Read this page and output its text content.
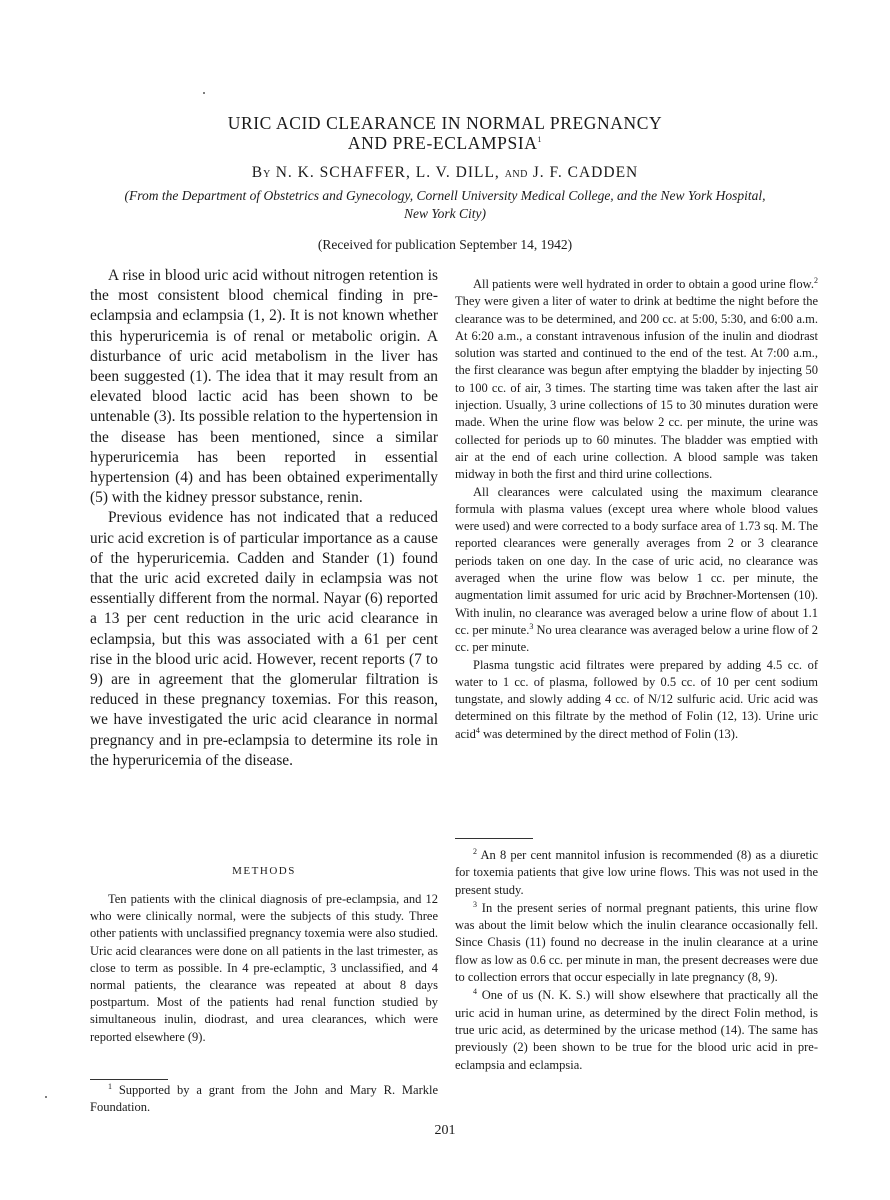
URIC ACID CLEARANCE IN NORMAL PREGNANCY
AND PRE-ECLAMPSIA$^1$
BY N. K. SCHAFFER, L. V. DILL, AND J. F. CADDEN
(From the Department of Obstetrics and Gynecology, Cornell University Medical College, and the New York Hospital, New York City)
(Received for publication September 14, 1942)

A rise in blood uric acid without nitrogen retention is the most consistent blood chemical finding in pre-eclampsia and eclampsia (1, 2). It is not known whether this hyperuricemia is of renal or metabolic origin. A disturbance of uric acid metabolism in the liver has been suggested (1). The idea that it may result from an elevated blood lactic acid has been shown to be untenable (3). Its possible relation to the hypertension in the disease has been mentioned, since a similar hyperuricemia has been reported in essential hypertension (4) and has been obtained experimentally (5) with the kidney pressor substance, renin.

Previous evidence has not indicated that a reduced uric acid excretion is of particular importance as a cause of the hyperuricemia. Cadden and Stander (1) found that the uric acid excreted daily in eclampsia was not essentially different from the normal. Nayar (6) reported a 13 per cent reduction in the uric acid clearance in eclampsia, but this was associated with a 61 per cent rise in the blood uric acid. However, recent reports (7 to 9) are in agreement that the glomerular filtration is reduced in these pregnancy toxemias. For this reason, we have investigated the uric acid clearance in normal pregnancy and in pre-eclampsia to determine its role in the hyperuricemia of the disease.

METHODS

Ten patients with the clinical diagnosis of pre-eclampsia, and 12 who were clinically normal, were the subjects of this study. Three other patients with unclassified pregnancy toxemia were also studied. Uric acid clearances were done on all patients in the last trimester, as close to term as possible. In 4 pre-eclamptic, 3 unclassified, and 4 normal patients, the clearance was repeated at about 8 days postpartum. Most of the patients had renal function studied by simultaneous inulin, diodrast, and urea clearances, which were reported elsewhere (9).

$^1$ Supported by a grant from the John and Mary R. Markle Foundation.

All patients were well hydrated in order to obtain a good urine flow.$^2$ They were given a liter of water to drink at bedtime the night before the clearance was to be determined, and 200 cc. at 5:00, 5:30, and 6:00 a.m. At 6:20 a.m., a constant intravenous infusion of the inulin and diodrast solution was started and continued to the end of the test. At 7:00 a.m., the first clearance was begun after emptying the bladder by injecting 50 to 100 cc. of air, 3 times. The starting time was taken after the last air injection. Usually, 3 urine collections of 15 to 30 minutes duration were made. When the urine flow was below 2 cc. per minute, the urine was collected for periods up to 60 minutes. The bladder was emptied with air at the end of each urine collection. A blood sample was taken midway in both the first and third urine collections.

All clearances were calculated using the maximum clearance formula with plasma values (except urea where whole blood values were used) and were corrected to a body surface area of 1.73 sq. M. The reported clearances were generally averages from 2 or 3 clearance periods taken on one day. In the case of uric acid, no clearance was averaged when the urine flow was below 1 cc. per minute, the augmentation limit assumed for uric acid by Brøchner-Mortensen (10). With inulin, no clearance was averaged below a urine flow of about 1.1 cc. per minute.$^3$ No urea clearance was averaged below a urine flow of 2 cc. per minute.

Plasma tungstic acid filtrates were prepared by adding 4.5 cc. of water to 1 cc. of plasma, followed by 0.5 cc. of 10 per cent sodium tungstate, and slowly adding 4 cc. of N/12 sulfuric acid. Uric acid was determined on this filtrate by the method of Folin (12, 13). Urine uric acid$^4$ was determined by the direct method of Folin (13).

$^2$ An 8 per cent mannitol infusion is recommended (8) as a diuretic for toxemia patients that give low urine flows. This was not used in the present study.

$^3$ In the present series of normal pregnant patients, this urine flow was about the limit below which the inulin clearance occasionally fell. Since Chasis (11) found no decrease in the inulin clearance at a urine flow as low as 0.6 cc. per minute in man, the present decreases were due to collection errors that occur especially in late pregnancy (8, 9).

$^4$ One of us (N. K. S.) will show elsewhere that practically all the uric acid in human urine, as determined by the direct Folin method, is true uric acid, as determined by the uricase method (14). The same has previously (2) been shown to be true for the blood uric acid in pre-eclampsia and eclampsia.

201
